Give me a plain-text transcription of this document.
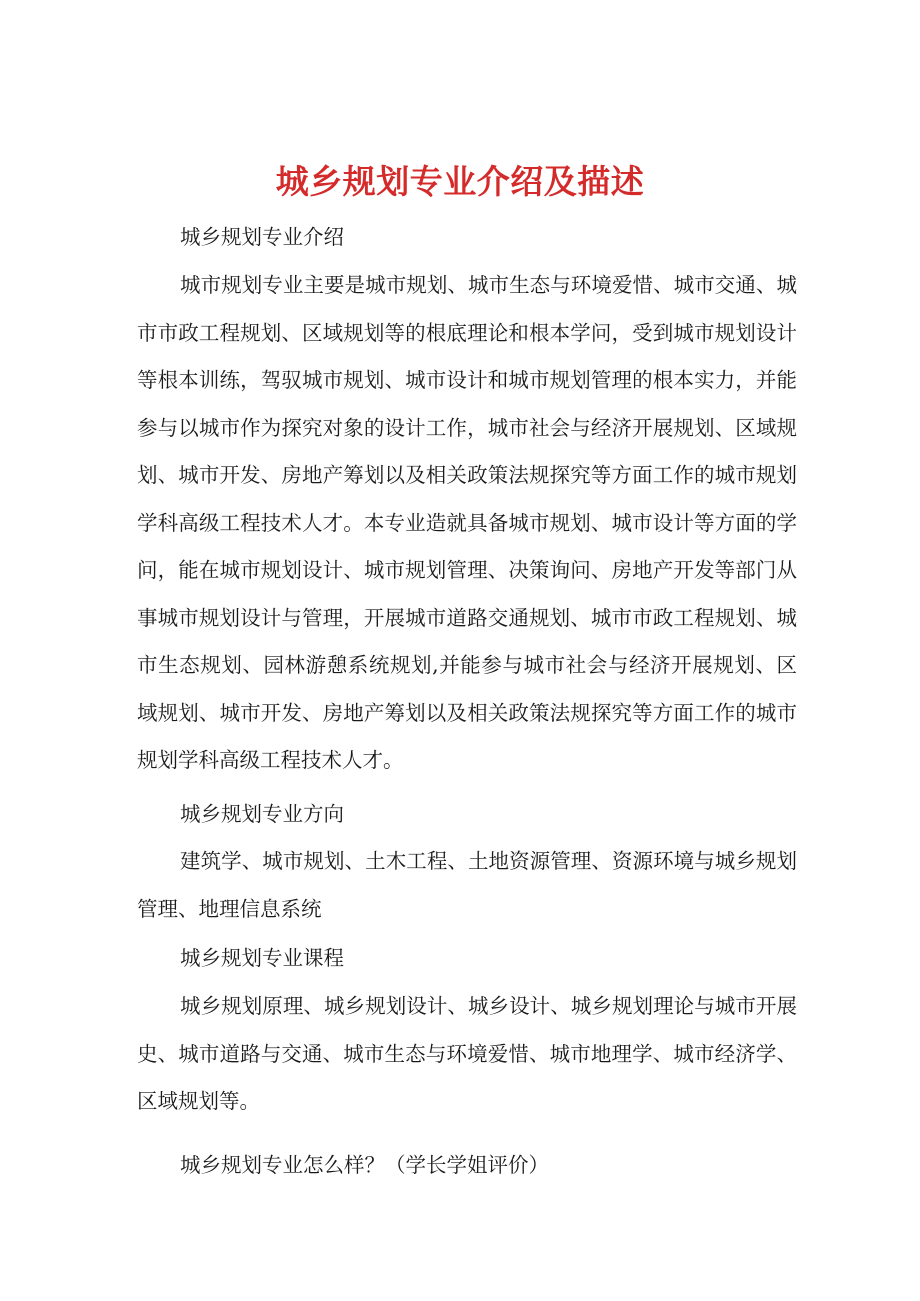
城乡规划专业介绍及描述

城乡规划专业介绍

城市规划专业主要是城市规划、城市生态与环境爱惜、城市交通、城市市政工程规划、区域规划等的根底理论和根本学问，受到城市规划设计等根本训练，驾驭城市规划、城市设计和城市规划管理的根本实力，并能参与以城市作为探究对象的设计工作，城市社会与经济开展规划、区域规划、城市开发、房地产筹划以及相关政策法规探究等方面工作的城市规划学科高级工程技术人才。本专业造就具备城市规划、城市设计等方面的学问，能在城市规划设计、城市规划管理、决策询问、房地产开发等部门从事城市规划设计与管理，开展城市道路交通规划、城市市政工程规划、城市生态规划、园林游憩系统规划,并能参与城市社会与经济开展规划、区域规划、城市开发、房地产筹划以及相关政策法规探究等方面工作的城市规划学科高级工程技术人才。

城乡规划专业方向

建筑学、城市规划、土木工程、土地资源管理、资源环境与城乡规划管理、地理信息系统

城乡规划专业课程

城乡规划原理、城乡规划设计、城乡设计、城乡规划理论与城市开展史、城市道路与交通、城市生态与环境爱惜、城市地理学、城市经济学、区域规划等。

城乡规划专业怎么样？（学长学姐评价）
